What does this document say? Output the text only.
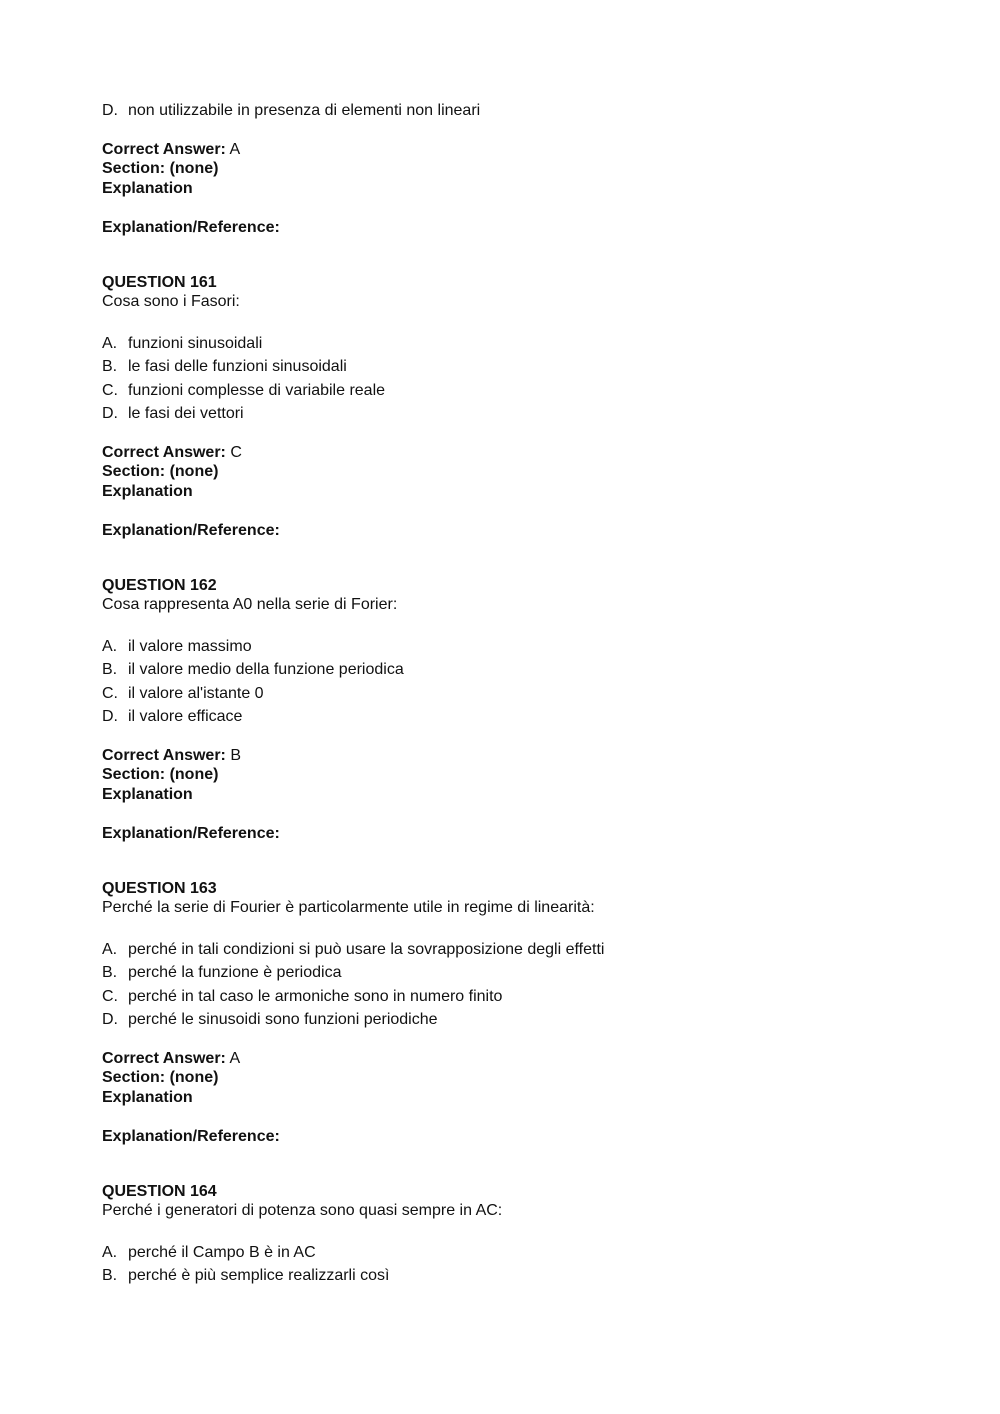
D. non utilizzabile in presenza di elementi non lineari
Correct Answer: A
Section: (none)
Explanation
Explanation/Reference:
QUESTION 161
Cosa sono i Fasori:
A. funzioni sinusoidali
B. le fasi delle funzioni sinusoidali
C. funzioni complesse di variabile reale
D. le fasi dei vettori
Correct Answer: C
Section: (none)
Explanation
Explanation/Reference:
QUESTION 162
Cosa rappresenta A0 nella serie di Forier:
A. il valore massimo
B. il valore medio della funzione periodica
C. il valore al'istante 0
D. il valore efficace
Correct Answer: B
Section: (none)
Explanation
Explanation/Reference:
QUESTION 163
Perché la serie di Fourier è particolarmente utile in regime di linearità:
A. perché in tali condizioni si può usare la sovrapposizione degli effetti
B. perché la funzione è periodica
C. perché in tal caso le armoniche sono in numero finito
D. perché le sinusoidi sono funzioni periodiche
Correct Answer: A
Section: (none)
Explanation
Explanation/Reference:
QUESTION 164
Perché i generatori di potenza sono quasi sempre in AC:
A. perché il Campo B è in AC
B. perché è più semplice realizzarli così
